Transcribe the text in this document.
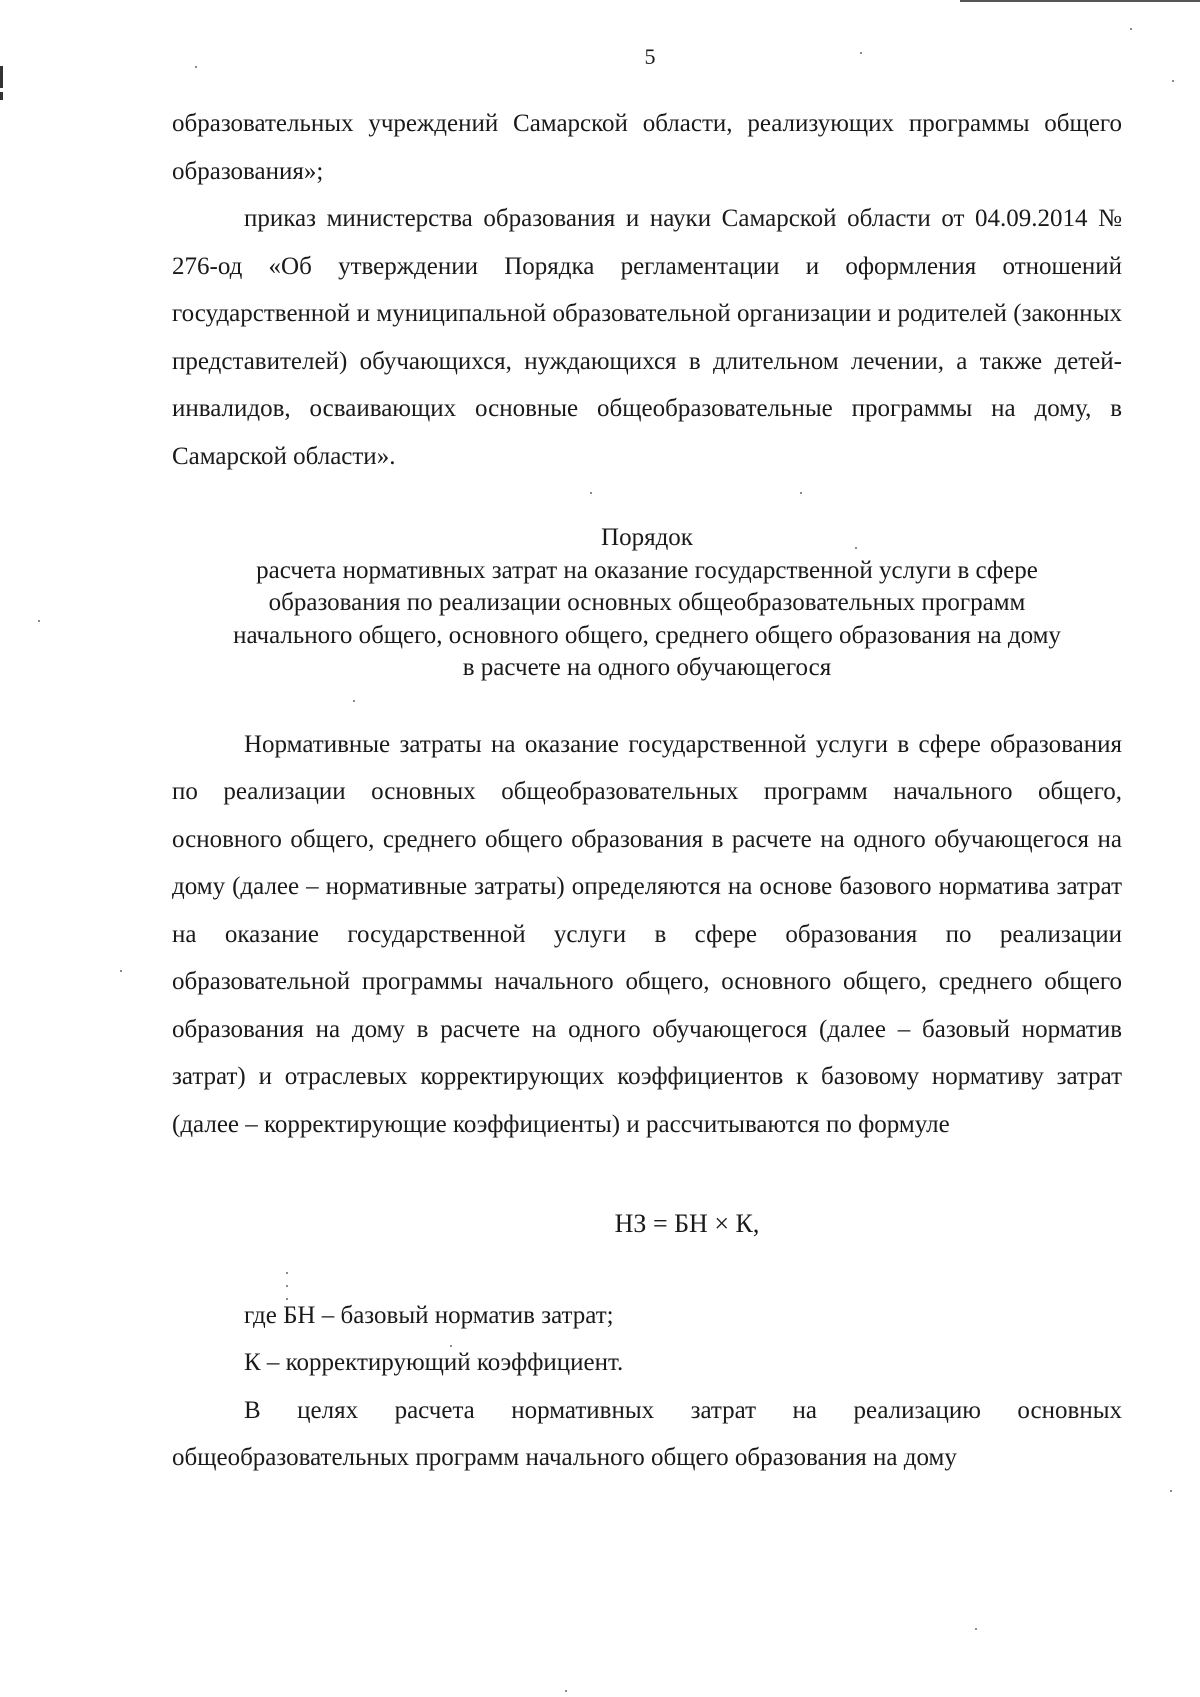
5

образовательных учреждений Самарской области, реализующих программы общего образования»;

приказ министерства образования и науки Самарской области от 04.09.2014 № 276-од «Об утверждении Порядка регламентации и оформления отношений государственной и муниципальной образовательной организации и родителей (законных представителей) обучающихся, нуждающихся в длительном лечении, а также детей-инвалидов, осваивающих основные общеобразовательные программы на дому, в Самарской области».

Порядок
расчета нормативных затрат на оказание государственной услуги в сфере образования по реализации основных общеобразовательных программ начального общего, основного общего, среднего общего образования на дому в расчете на одного обучающегося

Нормативные затраты на оказание государственной услуги в сфере образования по реализации основных общеобразовательных программ начального общего, основного общего, среднего общего образования в расчете на одного обучающегося на дому (далее – нормативные затраты) определяются на основе базового норматива затрат на оказание государственной услуги в сфере образования по реализации образовательной программы начального общего, основного общего, среднего общего образования на дому в расчете на одного обучающегося (далее – базовый норматив затрат) и отраслевых корректирующих коэффициентов к базовому нормативу затрат (далее – корректирующие коэффициенты) и рассчитываются по формуле

НЗ = БН × К,

где БН – базовый норматив затрат;

К – корректирующий коэффициент.

В целях расчета нормативных затрат на реализацию основных общеобразовательных программ начального общего образования на дому
